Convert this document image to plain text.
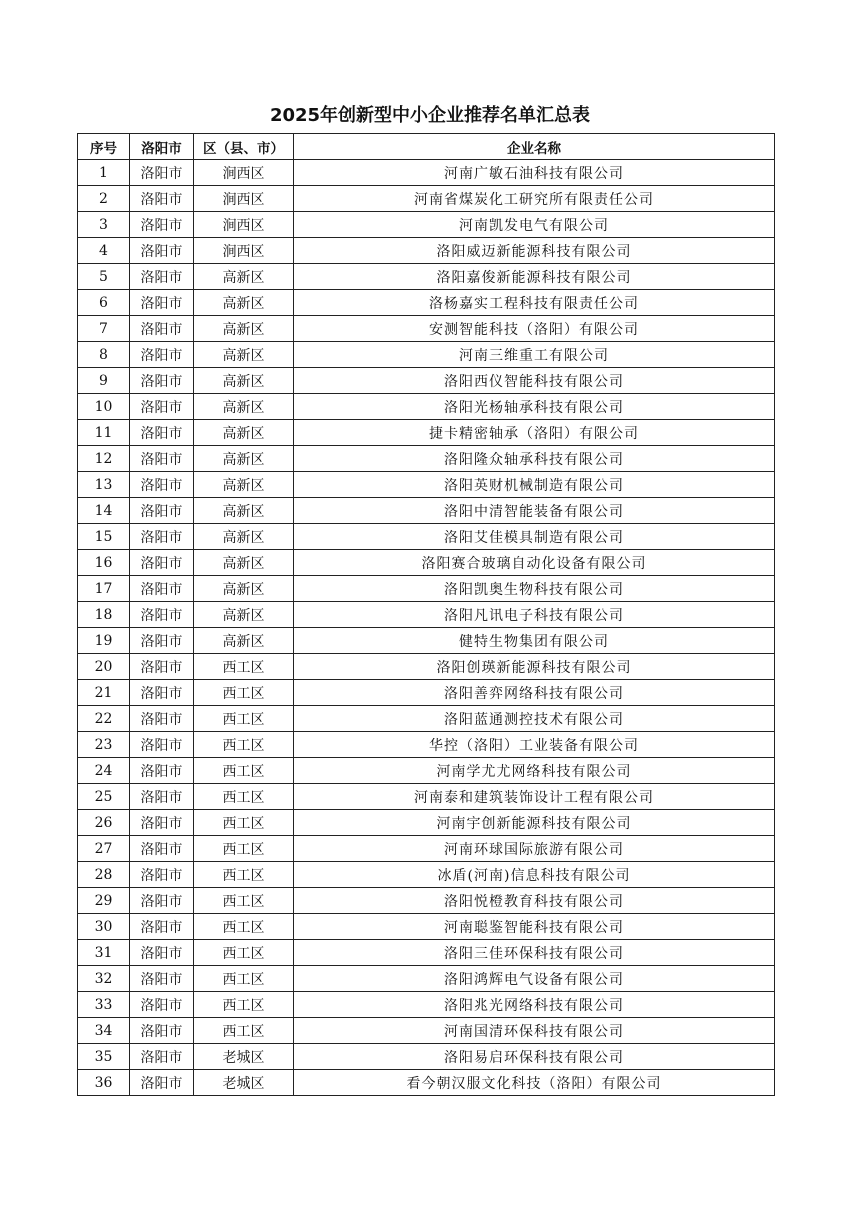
2025年创新型中小企业推荐名单汇总表
序号	洛阳市	区（县、市）	企业名称
1	洛阳市	涧西区	河南广敏石油科技有限公司
2	洛阳市	涧西区	河南省煤炭化工研究所有限责任公司
3	洛阳市	涧西区	河南凯发电气有限公司
4	洛阳市	涧西区	洛阳威迈新能源科技有限公司
5	洛阳市	高新区	洛阳嘉俊新能源科技有限公司
6	洛阳市	高新区	洛杨嘉实工程科技有限责任公司
7	洛阳市	高新区	安测智能科技（洛阳）有限公司
8	洛阳市	高新区	河南三维重工有限公司
9	洛阳市	高新区	洛阳西仪智能科技有限公司
10	洛阳市	高新区	洛阳光杨轴承科技有限公司
11	洛阳市	高新区	捷卡精密轴承（洛阳）有限公司
12	洛阳市	高新区	洛阳隆众轴承科技有限公司
13	洛阳市	高新区	洛阳英财机械制造有限公司
14	洛阳市	高新区	洛阳中清智能装备有限公司
15	洛阳市	高新区	洛阳艾佳模具制造有限公司
16	洛阳市	高新区	洛阳赛合玻璃自动化设备有限公司
17	洛阳市	高新区	洛阳凯奥生物科技有限公司
18	洛阳市	高新区	洛阳凡讯电子科技有限公司
19	洛阳市	高新区	健特生物集团有限公司
20	洛阳市	西工区	洛阳创瑛新能源科技有限公司
21	洛阳市	西工区	洛阳善弈网络科技有限公司
22	洛阳市	西工区	洛阳蓝通测控技术有限公司
23	洛阳市	西工区	华控（洛阳）工业装备有限公司
24	洛阳市	西工区	河南学尤尤网络科技有限公司
25	洛阳市	西工区	河南泰和建筑装饰设计工程有限公司
26	洛阳市	西工区	河南宇创新能源科技有限公司
27	洛阳市	西工区	河南环球国际旅游有限公司
28	洛阳市	西工区	冰盾(河南)信息科技有限公司
29	洛阳市	西工区	洛阳悦橙教育科技有限公司
30	洛阳市	西工区	河南聪鉴智能科技有限公司
31	洛阳市	西工区	洛阳三佳环保科技有限公司
32	洛阳市	西工区	洛阳鸿辉电气设备有限公司
33	洛阳市	西工区	洛阳兆光网络科技有限公司
34	洛阳市	西工区	河南国清环保科技有限公司
35	洛阳市	老城区	洛阳易启环保科技有限公司
36	洛阳市	老城区	看今朝汉服文化科技（洛阳）有限公司
